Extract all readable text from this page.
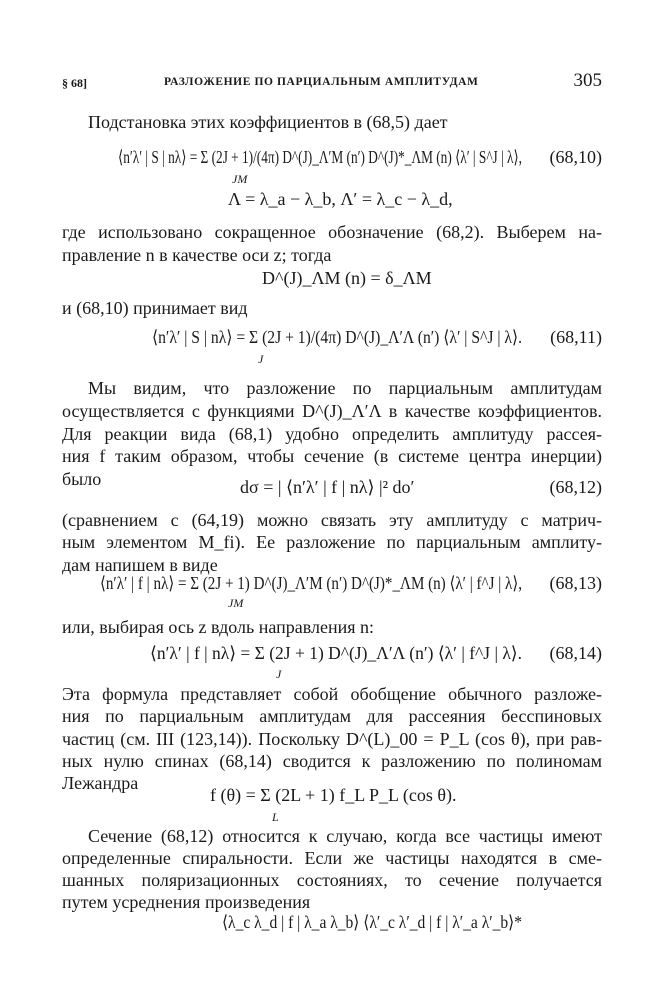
§ 68]	РАЗЛОЖЕНИЕ ПО ПАРЦИАЛЬНЫМ АМПЛИТУДАМ	305
Подстановка этих коэффициентов в (68,5) дает
⟨n′λ′ | S | nλ⟩ = Σ (2J + 1)/(4π) D^(J)_Λ′M (n′) D^(J)*_ΛM (n) ⟨λ′ | S^J | λ⟩,
JM
(68,10)
Λ = λ_a − λ_b, Λ′ = λ_c − λ_d,
где использовано сокращенное обозначение (68,2). Выберем на-
правление n в качестве оси z; тогда
D^(J)_ΛM (n) = δ_ΛM
и (68,10) принимает вид
⟨n′λ′ | S | nλ⟩ = Σ (2J + 1)/(4π) D^(J)_Λ′Λ (n′) ⟨λ′ | S^J | λ⟩.
J
(68,11)
Мы видим, что разложение по парциальным амплитудам
осуществляется с функциями D^(J)_Λ′Λ в качестве коэффициентов.
Для реакции вида (68,1) удобно определить амплитуду рассея-
ния f таким образом, чтобы сечение (в системе центра инерции)
было	dσ = | ⟨n′λ′ | f | nλ⟩ |² do′	(68,12)
(сравнением с (64,19) можно связать эту амплитуду с матрич-
ным элементом M_fi). Ее разложение по парциальным амплиту-
дам напишем в виде
⟨n′λ′ | f | nλ⟩ = Σ (2J + 1) D^(J)_Λ′M (n′) D^(J)*_ΛM (n) ⟨λ′ | f^J | λ⟩,
JM
(68,13)
или, выбирая ось z вдоль направления n:
⟨n′λ′ | f | nλ⟩ = Σ (2J + 1) D^(J)_Λ′Λ (n′) ⟨λ′ | f^J | λ⟩.
J
(68,14)
Эта формула представляет собой обобщение обычного разложе-
ния по парциальным амплитудам для рассеяния бесспиновых
частиц (см. III (123,14)). Поскольку D^(L)_00 = P_L (cos θ), при рав-
ных нулю спинах (68,14) сводится к разложению по полиномам
Лежандра
f (θ) = Σ (2L + 1) f_L P_L (cos θ).
L
Сечение (68,12) относится к случаю, когда все частицы имеют
определенные спиральности. Если же частицы находятся в сме-
шанных поляризационных состояниях, то сечение получается
путем усреднения произведения
⟨λ_c λ_d | f | λ_a λ_b⟩ ⟨λ′_c λ′_d | f | λ′_a λ′_b⟩*
